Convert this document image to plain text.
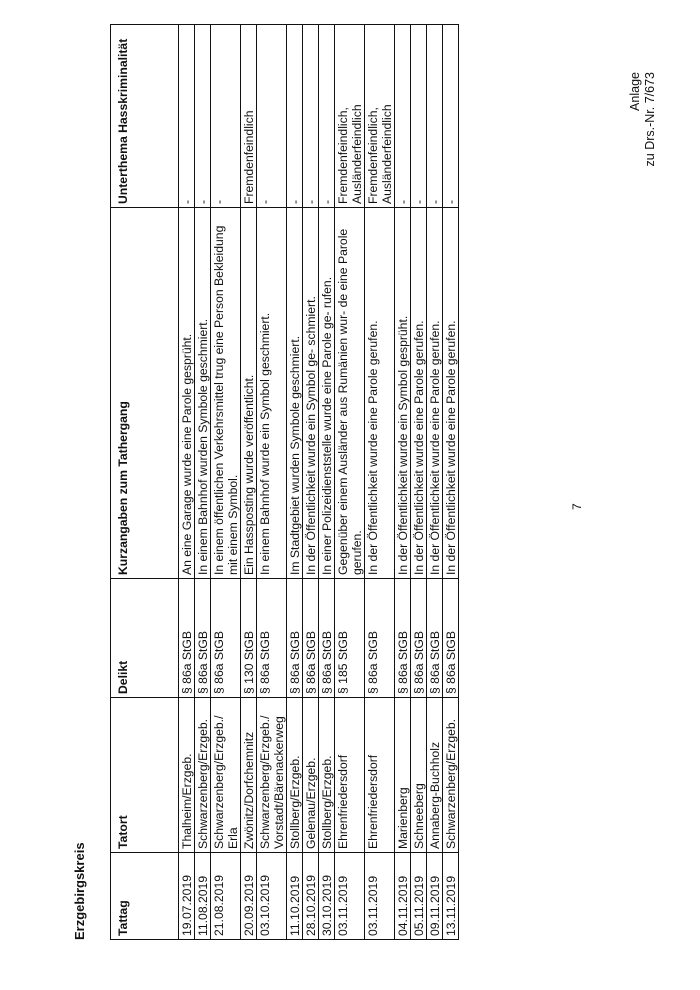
Anlage zu Drs.-Nr. 7/673
Erzgebirgskreis Tattag	Tatort	Delikt	Kurzangaben zum Tathergang	Unterthema Hasskriminalität
19.07.2019	Thalheim/Erzgeb.	§ 86a StGB	An eine Garage wurde eine Parole gesprüht.	-
11.08.2019	Schwarzenberg/Erzgeb.	§ 86a StGB	In einem Bahnhof wurden Symbole geschmiert.	-
21.08.2019	Schwarzenberg/Erzgeb./ Erla	§ 86a StGB	In einem öffentlichen Verkehrsmittel trug eine Person Bekleidung mit einem Symbol.	-
20.09.2019	Zwönitz/Dorfchemnitz	§ 130 StGB	Ein Hassposting wurde veröffentlicht.	Fremdenfeindlich
03.10.2019	Schwarzenberg/Erzgeb./ Vorstadt/Bärenackerweg	§ 86a StGB	In einem Bahnhof wurde ein Symbol geschmiert.	-
11.10.2019	Stollberg/Erzgeb.	§ 86a StGB	Im Stadtgebiet wurden Symbole geschmiert.	-
28.10.2019	Gelenau/Erzgeb.	§ 86a StGB	In der Öffentlichkeit wurde ein Symbol ge- schmiert.	-
30.10.2019	Stollberg/Erzgeb.	§ 86a StGB	In einer Polizeidienststelle wurde eine Parole ge- rufen.	-
03.11.2019	Ehrenfriedersdorf	§ 185 StGB	Gegenüber einem Ausländer aus Rumänien wur- de eine Parole gerufen.	Fremdenfeindlich, Ausländerfeindlich
03.11.2019	Ehrenfriedersdorf	§ 86a StGB	In der Öffentlichkeit wurde eine Parole gerufen.	Fremdenfeindlich, Ausländerfeindlich
04.11.2019	Marienberg	§ 86a StGB	In der Öffentlichkeit wurde ein Symbol gesprüht.	-
05.11.2019	Schneeberg	§ 86a StGB	In der Öffentlichkeit wurde eine Parole gerufen.	-
09.11.2019	Annaberg-Buchholz	§ 86a StGB	In der Öffentlichkeit wurde eine Parole gerufen.	-
13.11.2019	Schwarzenberg/Erzgeb.	§ 86a StGB	In der Öffentlichkeit wurde eine Parole gerufen.	-
7
